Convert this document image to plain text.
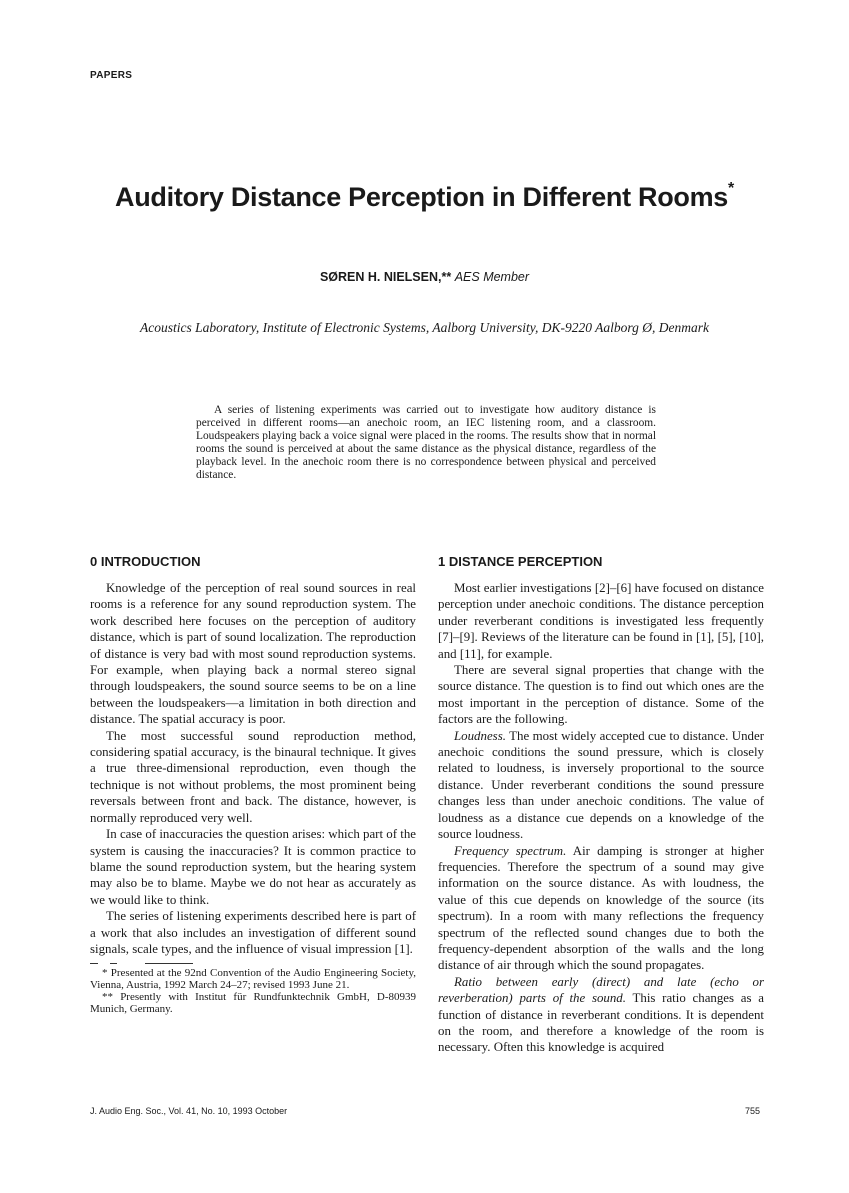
PAPERS
Auditory Distance Perception in Different Rooms*
SØREN H. NIELSEN,** AES Member
Acoustics Laboratory, Institute of Electronic Systems, Aalborg University, DK-9220 Aalborg Ø, Denmark

A series of listening experiments was carried out to investigate how auditory distance is perceived in different rooms—an anechoic room, an IEC listening room, and a classroom. Loudspeakers playing back a voice signal were placed in the rooms. The results show that in normal rooms the sound is perceived at about the same distance as the physical distance, regardless of the playback level. In the anechoic room there is no correspondence between physical and perceived distance.

0 INTRODUCTION

Knowledge of the perception of real sound sources in real rooms is a reference for any sound reproduction system. The work described here focuses on the perception of auditory distance, which is part of sound localization. The reproduction of distance is very bad with most sound reproduction systems. For example, when playing back a normal stereo signal through loudspeakers, the sound source seems to be on a line between the loudspeakers—a limitation in both direction and distance. The spatial accuracy is poor.

The most successful sound reproduction method, considering spatial accuracy, is the binaural technique. It gives a true three-dimensional reproduction, even though the technique is not without problems, the most prominent being reversals between front and back. The distance, however, is normally reproduced very well.

In case of inaccuracies the question arises: which part of the system is causing the inaccuracies? It is common practice to blame the sound reproduction system, but the hearing system may also be to blame. Maybe we do not hear as accurately as we would like to think.

The series of listening experiments described here is part of a work that also includes an investigation of different sound signals, scale types, and the influence of visual impression [1].

* Presented at the 92nd Convention of the Audio Engineering Society, Vienna, Austria, 1992 March 24–27; revised 1993 June 21.

** Presently with Institut für Rundfunktechnik GmbH, D-80939 Munich, Germany.

1 DISTANCE PERCEPTION

Most earlier investigations [2]–[6] have focused on distance perception under anechoic conditions. The distance perception under reverberant conditions is investigated less frequently [7]–[9]. Reviews of the literature can be found in [1], [5], [10], and [11], for example.

There are several signal properties that change with the source distance. The question is to find out which ones are the most important in the perception of distance. Some of the factors are the following.

Loudness. The most widely accepted cue to distance. Under anechoic conditions the sound pressure, which is closely related to loudness, is inversely proportional to the source distance. Under reverberant conditions the sound pressure changes less than under anechoic conditions. The value of loudness as a distance cue depends on a knowledge of the source loudness.

Frequency spectrum. Air damping is stronger at higher frequencies. Therefore the spectrum of a sound may give information on the source distance. As with loudness, the value of this cue depends on knowledge of the source (its spectrum). In a room with many reflections the frequency spectrum of the reflected sound changes due to both the frequency-dependent absorption of the walls and the long distance of air through which the sound propagates.

Ratio between early (direct) and late (echo or reverberation) parts of the sound. This ratio changes as a function of distance in reverberant conditions. It is dependent on the room, and therefore a knowledge of the room is necessary. Often this knowledge is acquired

J. Audio Eng. Soc., Vol. 41, No. 10, 1993 October	755
